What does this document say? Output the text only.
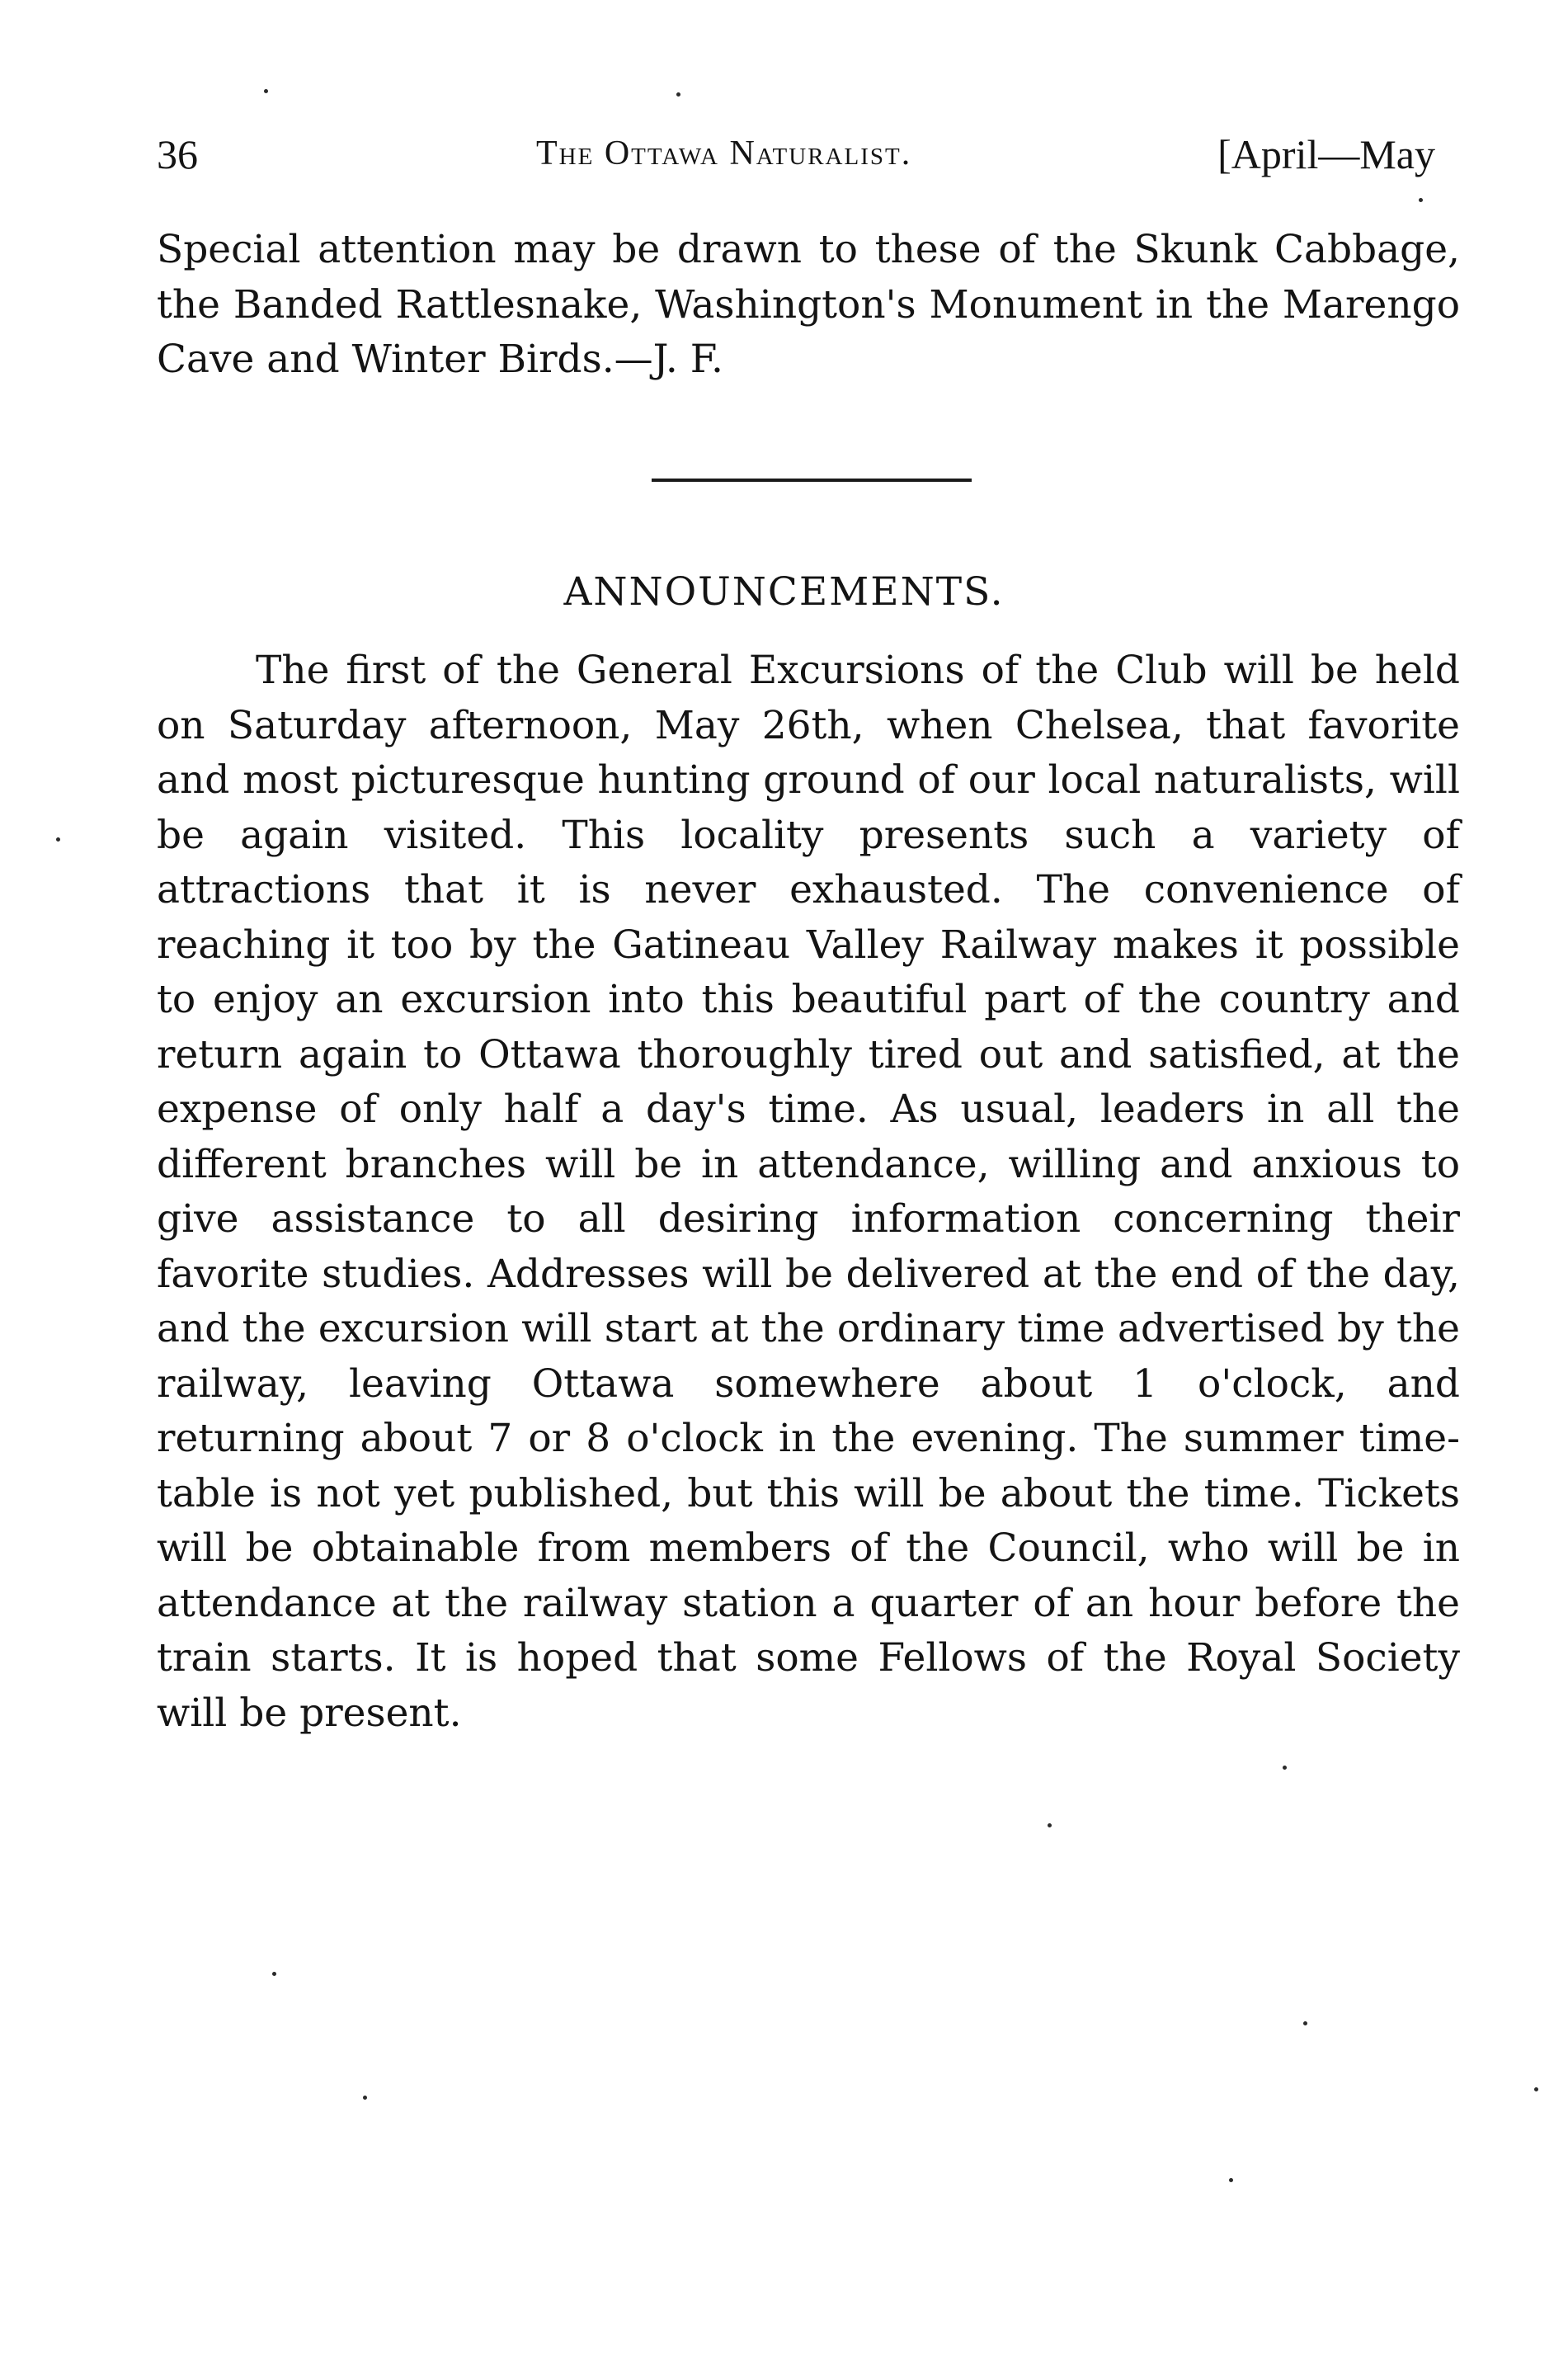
36	The Ottawa Naturalist.	[April—May

Special attention may be drawn to these of the Skunk Cabbage, the Banded Rattlesnake, Washington's Monument in the Marengo Cave and Winter Birds.—J. F.

ANNOUNCEMENTS.

The first of the General Excursions of the Club will be held on Saturday afternoon, May 26th, when Chelsea, that favorite and most picturesque hunting ground of our local naturalists, will be again visited. This locality presents such a variety of attractions that it is never exhausted. The convenience of reaching it too by the Gatineau Valley Railway makes it possible to enjoy an excursion into this beautiful part of the country and return again to Ottawa thoroughly tired out and satisfied, at the expense of only half a day's time. As usual, leaders in all the different branches will be in attendance, willing and anxious to give assistance to all desiring information concerning their favorite studies. Addresses will be delivered at the end of the day, and the excursion will start at the ordinary time advertised by the railway, leaving Ottawa somewhere about 1 o'clock, and returning about 7 or 8 o'clock in the evening. The summer time-table is not yet published, but this will be about the time. Tickets will be obtainable from members of the Council, who will be in attendance at the railway station a quarter of an hour before the train starts. It is hoped that some Fellows of the Royal Society will be present.
